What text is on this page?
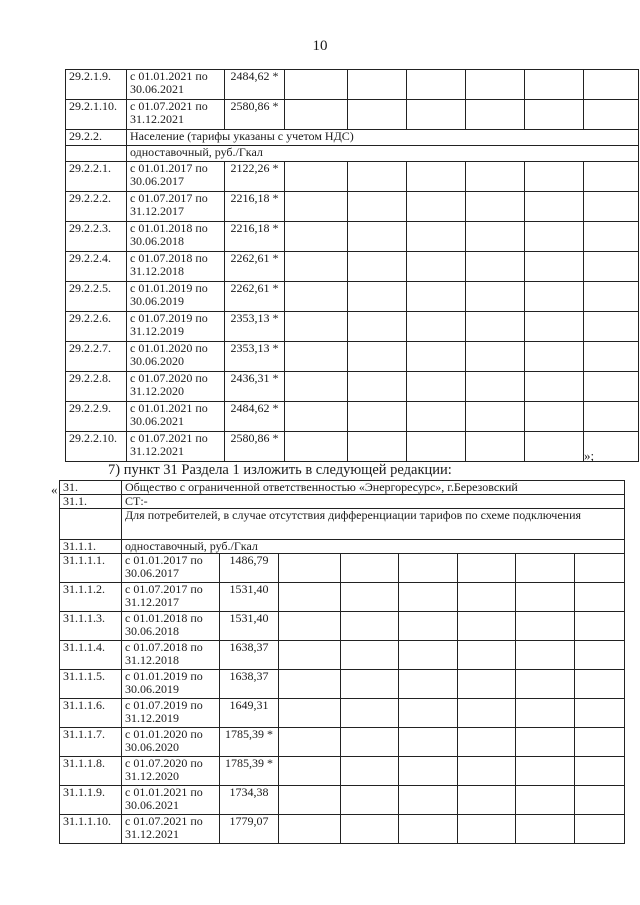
10
29.2.1.9.	с 01.01.2021 по 30.06.2021	2484,62 *						
29.2.1.10.	с 01.07.2021 по 31.12.2021	2580,86 *						
29.2.2.	Население (тарифы указаны с учетом НДС)							
	одноставочный, руб./Гкал							
29.2.2.1.	с 01.01.2017 по 30.06.2017	2122,26 *						
29.2.2.2.	с 01.07.2017 по 31.12.2017	2216,18 *						
29.2.2.3.	с 01.01.2018 по 30.06.2018	2216,18 *						
29.2.2.4.	с 01.07.2018 по 31.12.2018	2262,61 *						
29.2.2.5.	с 01.01.2019 по 30.06.2019	2262,61 *						
29.2.2.6.	с 01.07.2019 по 31.12.2019	2353,13 *						
29.2.2.7.	с 01.01.2020 по 30.06.2020	2353,13 *						
29.2.2.8.	с 01.07.2020 по 31.12.2020	2436,31 *						
29.2.2.9.	с 01.01.2021 по 30.06.2021	2484,62 *						
29.2.2.10.	с 01.07.2021 по 31.12.2021	2580,86 *						
»;
7) пункт 31 Раздела 1 изложить в следующей редакции:
« 31.	Общество с ограниченной ответственностью «Энергоресурс», г.Березовский							
31.1.	СТ:-							
	Для потребителей, в случае отсутствия дифференциации тарифов по схеме подключения							
31.1.1.	одноставочный, руб./Гкал							
31.1.1.1.	с 01.01.2017 по 30.06.2017	1486,79						
31.1.1.2.	с 01.07.2017 по 31.12.2017	1531,40						
31.1.1.3.	с 01.01.2018 по 30.06.2018	1531,40						
31.1.1.4.	с 01.07.2018 по 31.12.2018	1638,37						
31.1.1.5.	с 01.01.2019 по 30.06.2019	1638,37						
31.1.1.6.	с 01.07.2019 по 31.12.2019	1649,31						
31.1.1.7.	с 01.01.2020 по 30.06.2020	1785,39 *						
31.1.1.8.	с 01.07.2020 по 31.12.2020	1785,39 *						
31.1.1.9.	с 01.01.2021 по 30.06.2021	1734,38						
31.1.1.10.	с 01.07.2021 по 31.12.2021	1779,07						
